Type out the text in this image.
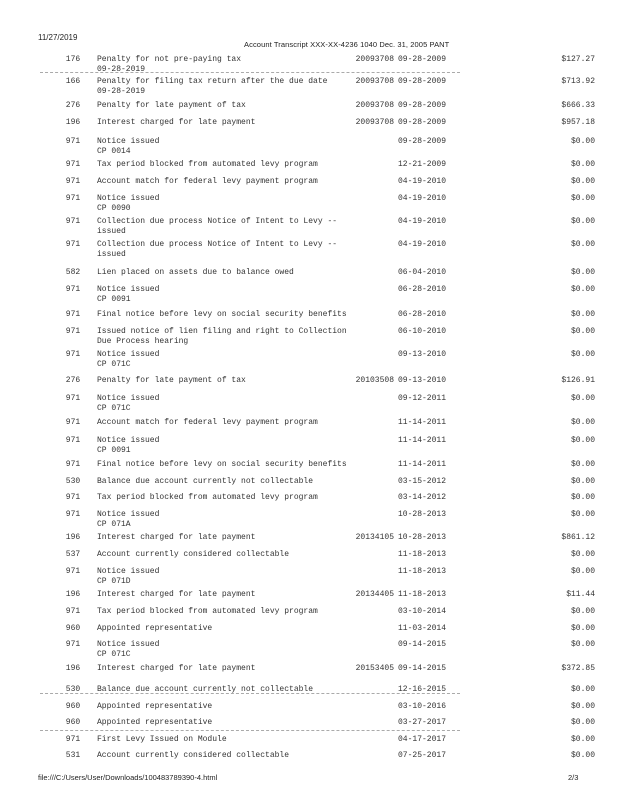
11/27/2019
Account Transcript XXX-XX-4236 1040 Dec. 31, 2005 PANT
176	Penalty for not pre-paying tax
09-28-2019
20093708 09-28-2009	$127.27
166	Penalty for filing tax return after the due date
09-28-2019
20093708 09-28-2009	$713.92
276	Penalty for late payment of tax	20093708 09-28-2009	$666.33
196	Interest charged for late payment	20093708 09-28-2009	$957.18
971	Notice issued
CP 0014
09-28-2009	$0.00
971	Tax period blocked from automated levy program	12-21-2009	$0.00
971	Account match for federal levy payment program	04-19-2010	$0.00
971	Notice issued
CP 0090
04-19-2010	$0.00
971	Collection due process Notice of Intent to Levy --
issued
04-19-2010	$0.00
971	Collection due process Notice of Intent to Levy --
issued
04-19-2010	$0.00
582	Lien placed on assets due to balance owed	06-04-2010	$0.00
971	Notice issued
CP 0091
06-28-2010	$0.00
971	Final notice before levy on social security benefits	06-28-2010	$0.00
971	Issued notice of lien filing and right to Collection
Due Process hearing
06-10-2010	$0.00
971	Notice issued
CP 071C
09-13-2010	$0.00
276	Penalty for late payment of tax	20103508 09-13-2010	$126.91
971	Notice issued
CP 071C
09-12-2011	$0.00
971	Account match for federal levy payment program	11-14-2011	$0.00
971	Notice issued
CP 0091
11-14-2011	$0.00
971	Final notice before levy on social security benefits	11-14-2011	$0.00
530	Balance due account currently not collectable	03-15-2012	$0.00
971	Tax period blocked from automated levy program	03-14-2012	$0.00
971	Notice issued
CP 071A
10-28-2013	$0.00
196	Interest charged for late payment	20134105 10-28-2013	$861.12
537	Account currently considered collectable	11-18-2013	$0.00
971	Notice issued
CP 071D
11-18-2013	$0.00
196	Interest charged for late payment	20134405 11-18-2013	$11.44
971	Tax period blocked from automated levy program	03-10-2014	$0.00
960	Appointed representative	11-03-2014	$0.00
971	Notice issued
CP 071C
09-14-2015	$0.00
196	Interest charged for late payment	20153405 09-14-2015	$372.85
530	Balance due account currently not collectable	12-16-2015	$0.00
960	Appointed representative	03-10-2016	$0.00
960	Appointed representative	03-27-2017	$0.00
971	First Levy Issued on Module	04-17-2017	$0.00
531	Account currently considered collectable	07-25-2017	$0.00
file:///C:/Users/User/Downloads/100483789390-4.html	2/3
